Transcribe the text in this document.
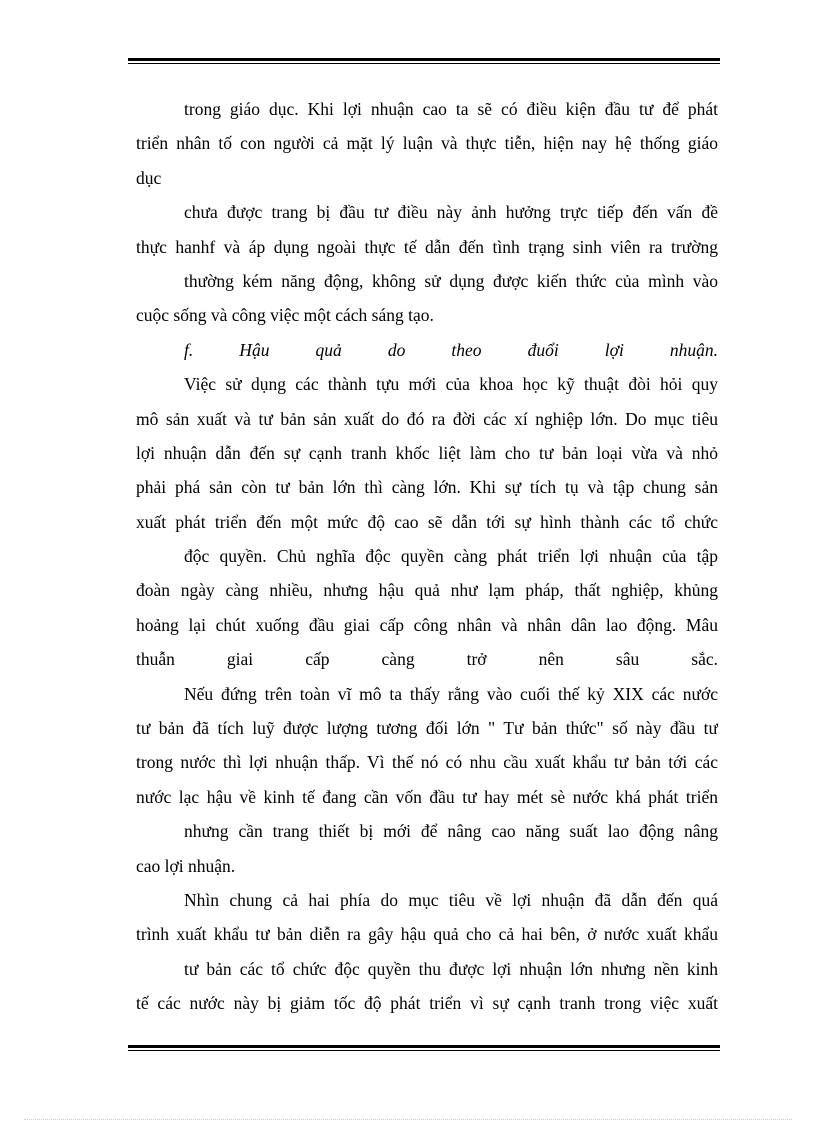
trong giáo dục. Khi lợi nhuận cao ta sẽ có điều kiện đầu tư để phát
triển nhân tố con người cả mặt lý luận và thực tiễn, hiện nay hệ thống giáo
dục
chưa được trang bị đầu tư điều này ảnh hưởng trực tiếp đến vấn đề
thực hanhf và áp dụng ngoài thực tế dẫn đến tình trạng sinh viên ra trường
thường kém năng động, không sử dụng được kiến thức của mình vào
cuộc sống và công việc một cách sáng tạo.
f. Hậu quả do theo đuổi lợi nhuận.
Việc sử dụng các thành tựu mới của khoa học kỹ thuật đòi hỏi quy
mô sản xuất và tư bản sản xuất do đó ra đời các xí nghiệp lớn. Do mục tiêu
lợi nhuận dẫn đến sự cạnh tranh khốc liệt làm cho tư bản loại vừa và nhỏ
phải phá sản còn tư bản lớn thì càng lớn. Khi sự tích tụ và tập chung sản
xuất phát triển đến một mức độ cao sẽ dẫn tới sự hình thành các tổ chức
độc quyền. Chủ nghĩa độc quyền càng phát triển lợi nhuận của tập
đoàn ngày càng nhiều, nhưng hậu quả như lạm pháp, thất nghiệp, khủng
hoảng lại chút xuống đầu giai cấp công nhân và nhân dân lao động. Mâu
thuẫn giai cấp càng trở nên sâu sắc.
Nếu đứng trên toàn vĩ mô ta thấy rằng vào cuối thế kỷ XIX các nước
tư bản đã tích luỹ được lượng tương đối lớn " Tư bản thức" số này đầu tư
trong nước thì lợi nhuận thấp. Vì thế nó có nhu cầu xuất khẩu tư bản tới các
nước lạc hậu về kinh tế đang cần vốn đầu tư hay mét sè nước khá phát triển
nhưng cần trang thiết bị mới để nâng cao năng suất lao động nâng
cao lợi nhuận.
Nhìn chung cả hai phía do mục tiêu về lợi nhuận đã dẫn đến quá
trình xuất khẩu tư bản diễn ra gây hậu quả cho cả hai bên, ở nước xuất khẩu
tư bản các tổ chức độc quyền thu được lợi nhuận lớn nhưng nền kinh
tế các nước này bị giảm tốc độ phát triển vì sự cạnh tranh trong việc xuất
